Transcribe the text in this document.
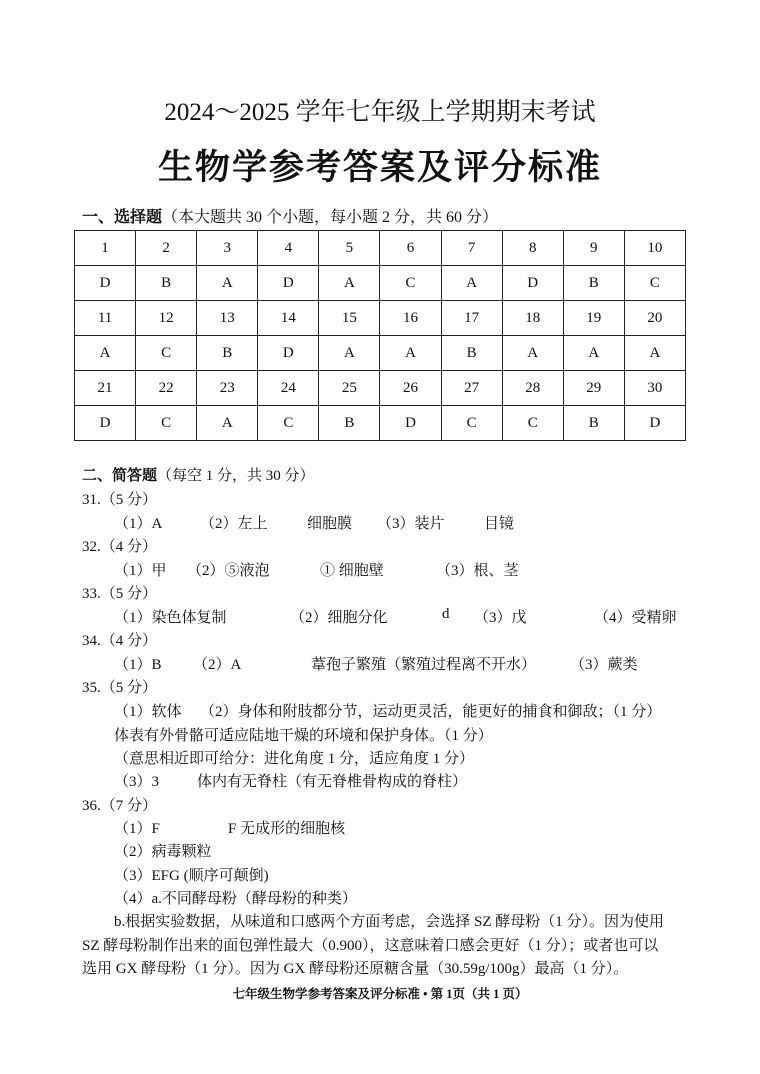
2024～2025 学年七年级上学期期末考试
生物学参考答案及评分标准
一、选择题（本大题共 30 个小题，每小题 2 分，共 60 分）
1	2	3	4	5	6	7	8	9	10
D	B	A	D	A	C	A	D	B	C
11	12	13	14	15	16	17	18	19	20
A	C	B	D	A	A	B	A	A	A
21	22	23	24	25	26	27	28	29	30
D	C	A	C	B	D	C	C	B	D
二、简答题（每空 1 分，共 30 分）
31.（5 分）
（1）A	（2）左上	细胞膜 （3）装片	目镜
32.（4 分）
（1）甲 （2）⑤液泡	① 细胞壁	（3）根、茎
33.（5 分）
（1）染色体复制	（2）细胞分化	d （3）戊	（4）受精卵
34.（4 分）
（1）B （2）A	葦孢子繁殖（繁殖过程离不开水） （3）蕨类
35.（5 分）
（1）软体 （2）身体和附肢都分节，运动更灵活，能更好的捕食和御敌；（1 分）
体表有外骨骼可适应陆地干燥的环境和保护身体。（1 分）
（意思相近即可给分：进化角度 1 分，适应角度 1 分）
（3）3	体内有无脊柱（有无脊椎骨构成的脊柱）
36.（7 分）
（1）F	F 无成形的细胞核
（2）病毒颗粒
（3）EFG (顺序可颠倒)
（4）a.不同酵母粉（酵母粉的种类）
b.根据实验数据，从味道和口感两个方面考虑，会选择 SZ 酵母粉（1 分）。因为使用
SZ 酵母粉制作出来的面包弹性最大（0.900），这意味着口感会更好（1 分）；或者也可以
选用 GX 酵母粉（1 分）。因为 GX 酵母粉还原糖含量（30.59g/100g）最高（1 分）。
七年级生物学参考答案及评分标准 • 第 1页（共 1 页）
